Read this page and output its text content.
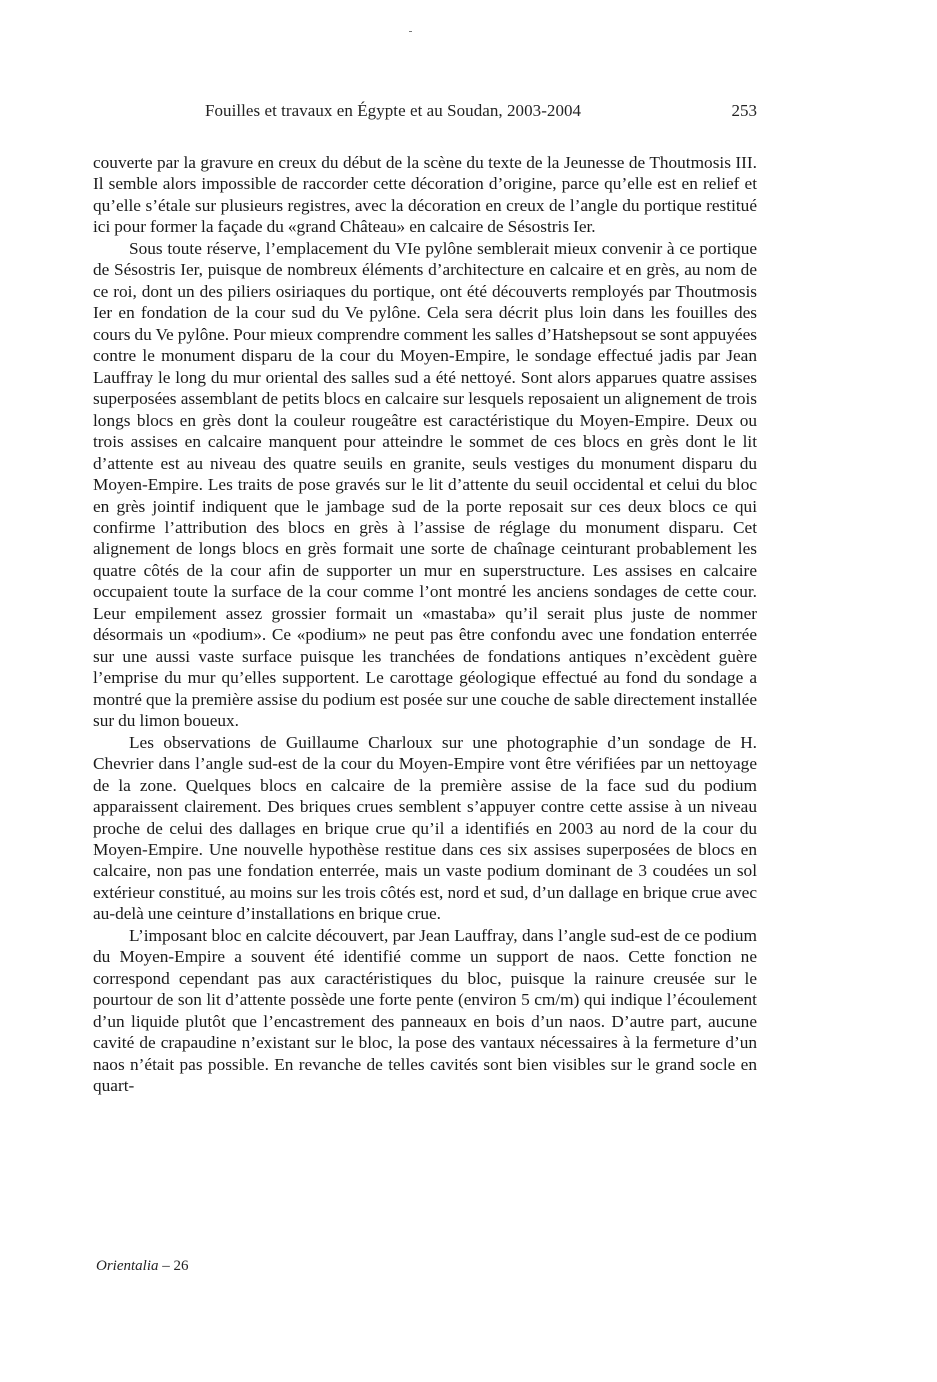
Fouilles et travaux en Égypte et au Soudan, 2003-2004	253

couverte par la gravure en creux du début de la scène du texte de la Jeunesse de Thoutmosis III. Il semble alors impossible de raccorder cette décoration d’origine, parce qu’elle est en relief et qu’elle s’étale sur plusieurs registres, avec la décoration en creux de l’angle du portique restitué ici pour former la façade du «grand Château» en calcaire de Sésostris Ier.

Sous toute réserve, l’emplacement du VIe pylône semblerait mieux convenir à ce portique de Sésostris Ier, puisque de nombreux éléments d’architecture en calcaire et en grès, au nom de ce roi, dont un des piliers osiriaques du portique, ont été découverts remployés par Thoutmosis Ier en fondation de la cour sud du Ve pylône. Cela sera décrit plus loin dans les fouilles des cours du Ve pylône. Pour mieux comprendre comment les salles d’Hatshepsout se sont appuyées contre le monument disparu de la cour du Moyen-Empire, le sondage effectué jadis par Jean Lauffray le long du mur oriental des salles sud a été nettoyé. Sont alors apparues quatre assises superposées assemblant de petits blocs en calcaire sur lesquels reposaient un alignement de trois longs blocs en grès dont la couleur rougeâtre est caractéristique du Moyen-Empire. Deux ou trois assises en calcaire manquent pour atteindre le sommet de ces blocs en grès dont le lit d’attente est au niveau des quatre seuils en granite, seuls vestiges du monument disparu du Moyen-Empire. Les traits de pose gravés sur le lit d’attente du seuil occidental et celui du bloc en grès jointif indiquent que le jambage sud de la porte reposait sur ces deux blocs ce qui confirme l’attribution des blocs en grès à l’assise de réglage du monument disparu. Cet alignement de longs blocs en grès formait une sorte de chaînage ceinturant probablement les quatre côtés de la cour afin de supporter un mur en superstructure. Les assises en calcaire occupaient toute la surface de la cour comme l’ont montré les anciens sondages de cette cour. Leur empilement assez grossier formait un «mastaba» qu’il serait plus juste de nommer désormais un «podium». Ce «podium» ne peut pas être confondu avec une fondation enterrée sur une aussi vaste surface puisque les tranchées de fondations antiques n’excèdent guère l’emprise du mur qu’elles supportent. Le carottage géologique effectué au fond du sondage a montré que la première assise du podium est posée sur une couche de sable directement installée sur du limon boueux.

Les observations de Guillaume Charloux sur une photographie d’un sondage de H. Chevrier dans l’angle sud-est de la cour du Moyen-Empire vont être vérifiées par un nettoyage de la zone. Quelques blocs en calcaire de la première assise de la face sud du podium apparaissent clairement. Des briques crues semblent s’appuyer contre cette assise à un niveau proche de celui des dallages en brique crue qu’il a identifiés en 2003 au nord de la cour du Moyen-Empire. Une nouvelle hypothèse restitue dans ces six assises superposées de blocs en calcaire, non pas une fondation enterrée, mais un vaste podium dominant de 3 coudées un sol extérieur constitué, au moins sur les trois côtés est, nord et sud, d’un dallage en brique crue avec au-delà une ceinture d’installations en brique crue.

L’imposant bloc en calcite découvert, par Jean Lauffray, dans l’angle sud-est de ce podium du Moyen-Empire a souvent été identifié comme un support de naos. Cette fonction ne correspond cependant pas aux caractéristiques du bloc, puisque la rainure creusée sur le pourtour de son lit d’attente possède une forte pente (environ 5 cm/m) qui indique l’écoulement d’un liquide plutôt que l’encastrement des panneaux en bois d’un naos. D’autre part, aucune cavité de crapaudine n’existant sur le bloc, la pose des vantaux nécessaires à la fermeture d’un naos n’était pas possible. En revanche de telles cavités sont bien visibles sur le grand socle en quart-

Orientalia – 26
